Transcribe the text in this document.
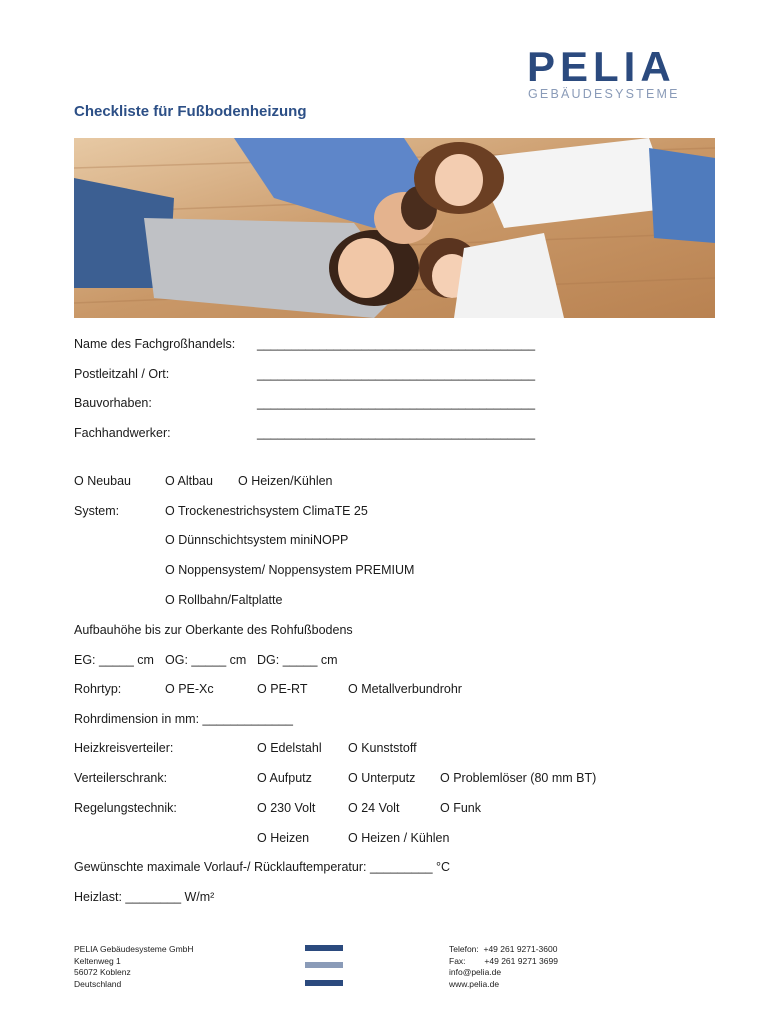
PELIA
GEBÄUDESYSTEME
Checkliste für Fußbodenheizung
Name des Fachgroßhandels: ________________________________________
Postleitzahl / Ort:	________________________________________
Bauvorhaben:	________________________________________
Fachhandwerker:	________________________________________
O Neubau	O Altbau O Heizen/Kühlen
System:	O Trockenestrichsystem ClimaTE 25
O Dünnschichtsystem miniNOPP
O Noppensystem/ Noppensystem PREMIUM
O Rollbahn/Faltplatte
Aufbauhöhe bis zur Oberkante des Rohfußbodens
EG: _____ cm OG: _____ cm DG: _____ cm
Rohrtyp:	O PE-Xc	O PE-RT	O Metallverbundrohr
Rohrdimension in mm: _____________
Heizkreisverteiler:	O Edelstahl O Kunststoff
Verteilerschrank:	O Aufputz	O Unterputz O Problemlöser (80 mm BT)
Regelungstechnik:	O 230 Volt	O 24 Volt	O Funk
O Heizen	O Heizen / Kühlen
Gewünschte maximale Vorlauf-/ Rücklauftemperatur: _________ °C
Heizlast: ________ W/m²
PELIA Gebäudesysteme GmbH
Keltenweg 1
56072 Koblenz
Deutschland
Telefon:  +49 261 9271-3600
Fax:        +49 261 9271 3699
info@pelia.de
www.pelia.de
